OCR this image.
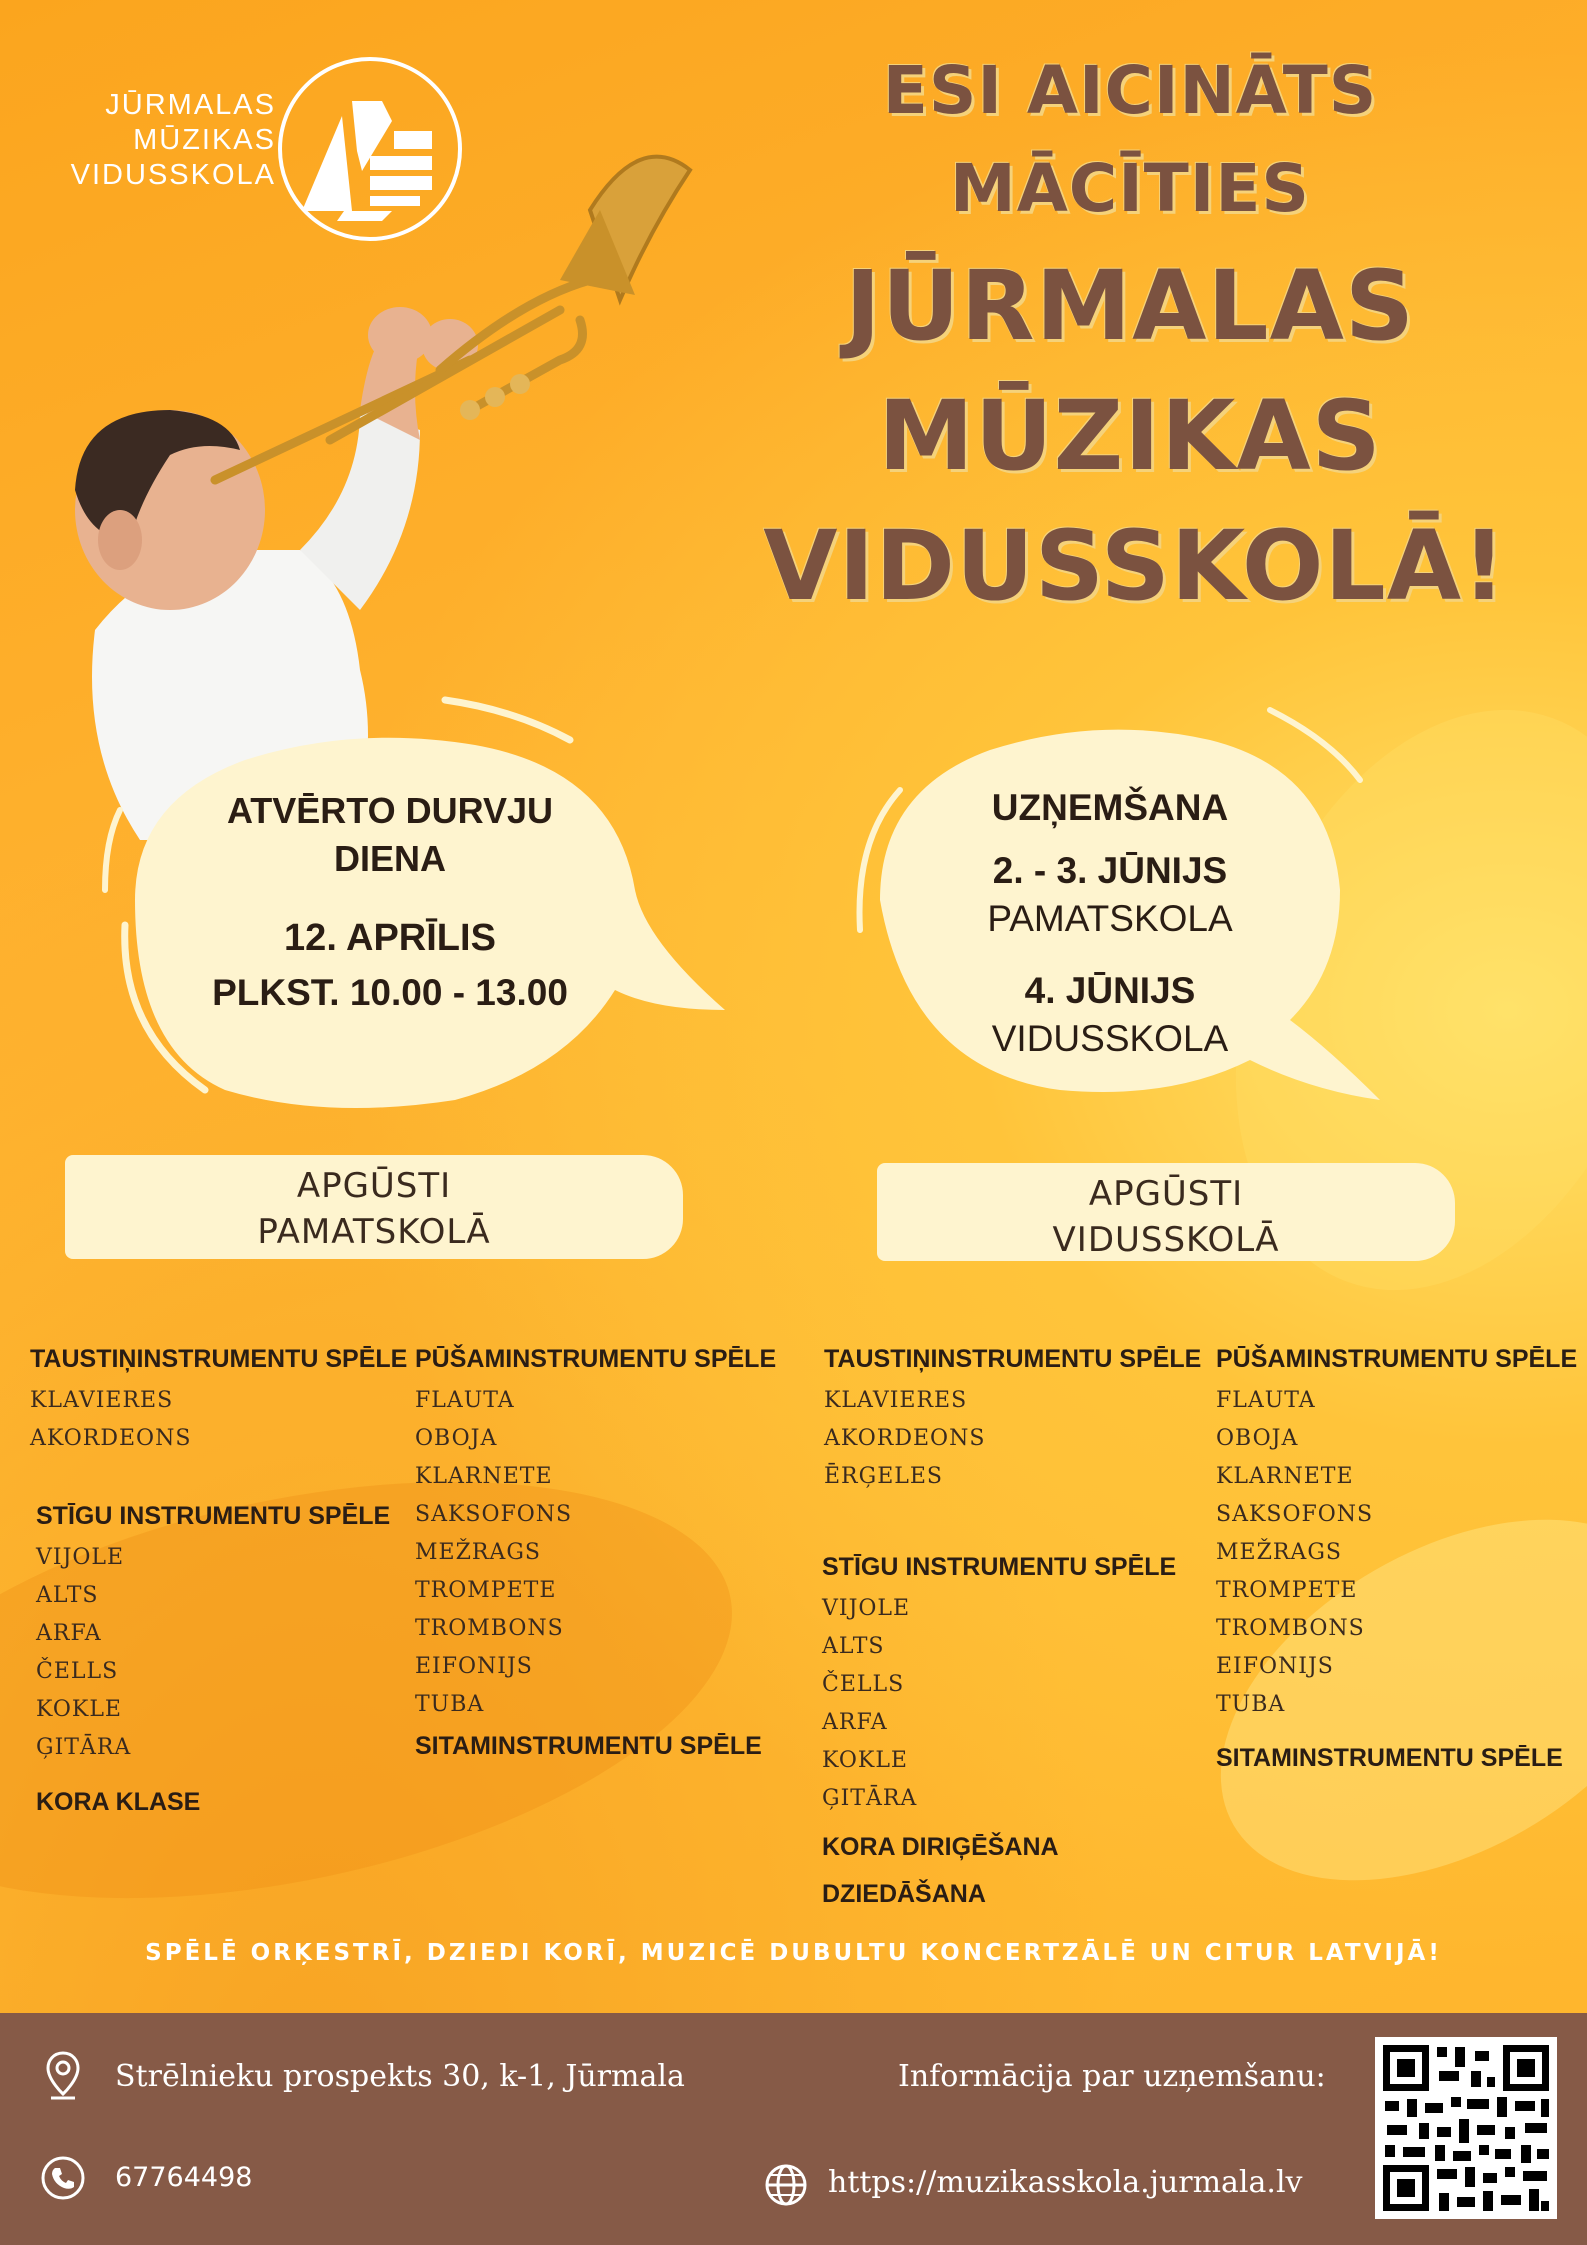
JŪRMALAS
MŪZIKAS
VIDUSSKOLA
ESI AICINĀTS
MĀCĪTIES
JŪRMALAS
MŪZIKAS
VIDUSSKOLĀ!
ATVĒRTO DURVJU
DIENA
12. APRĪLIS
PLKST. 10.00 - 13.00
UZŅEMŠANA
2. - 3. JŪNIJS
PAMATSKOLA
4. JŪNIJS
VIDUSSKOLA
APGŪSTI
PAMATSKOLĀ
APGŪSTI
VIDUSSKOLĀ
TAUSTIŅINSTRUMENTU SPĒLE
KLAVIERES
AKORDEONS
STĪGU INSTRUMENTU SPĒLE
VIJOLE
ALTS
ARFA
ČELLS
KOKLE
ĢITĀRA
KORA KLASE
PŪŠAMINSTRUMENTU SPĒLE
FLAUTA
OBOJA
KLARNETE
SAKSOFONS
MEŽRAGS
TROMPETE
TROMBONS
EIFONIJS
TUBA
SITAMINSTRUMENTU SPĒLE
TAUSTIŅINSTRUMENTU SPĒLE
KLAVIERES
AKORDEONS
ĒRĢELES
STĪGU INSTRUMENTU SPĒLE
VIJOLE
ALTS
ČELLS
ARFA
KOKLE
ĢITĀRA
KORA DIRIĢĒŠANA
DZIEDĀŠANA
PŪŠAMINSTRUMENTU SPĒLE
FLAUTA
OBOJA
KLARNETE
SAKSOFONS
MEŽRAGS
TROMPETE
TROMBONS
EIFONIJS
TUBA
SITAMINSTRUMENTU SPĒLE
SPĒLĒ ORĶESTRĪ, DZIEDI KORĪ, MUZICĒ DUBULTU KONCERTZĀLĒ UN CITUR LATVIJĀ!
Strēlnieku prospekts 30, k-1, Jūrmala
67764498
Informācija par uzņemšanu:
https://muzikasskola.jurmala.lv
